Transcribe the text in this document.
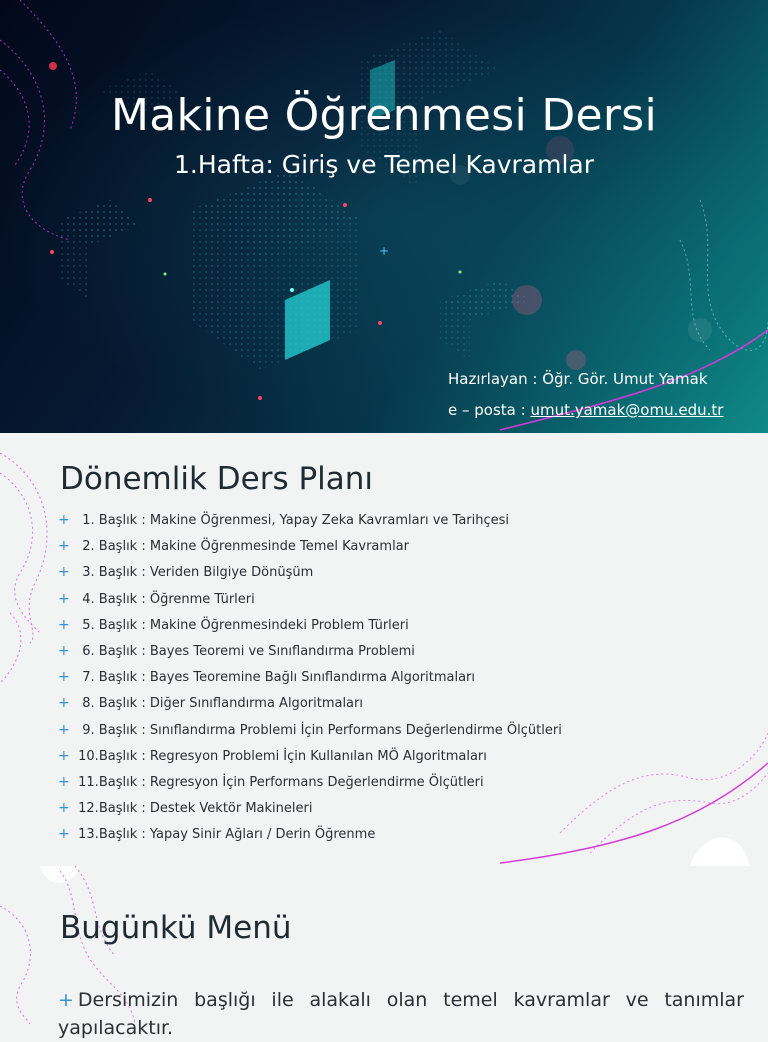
+
Makine Öğrenmesi Dersi

1.Hafta: Giriş ve Temel Kavramlar

Hazırlayan : Öğr. Gör. Umut Yamak
e – posta : umut.yamak@omu.edu.tr
Dönemlik Ders Planı
+ 1. Başlık : Makine Öğrenmesi, Yapay Zeka Kavramları ve Tarihçesi
+ 2. Başlık : Makine Öğrenmesinde Temel Kavramlar
+ 3. Başlık : Veriden Bilgiye Dönüşüm
+ 4. Başlık : Öğrenme Türleri
+ 5. Başlık : Makine Öğrenmesindeki Problem Türleri
+ 6. Başlık : Bayes Teoremi ve Sınıflandırma Problemi
+ 7. Başlık : Bayes Teoremine Bağlı Sınıflandırma Algoritmaları
+ 8. Başlık : Diğer Sınıflandırma Algoritmaları
+ 9. Başlık : Sınıflandırma Problemi İçin Performans Değerlendirme Ölçütleri
+ 10.Başlık : Regresyon Problemi İçin Kullanılan MÖ Algoritmaları
+ 11.Başlık : Regresyon İçin Performans Değerlendirme Ölçütleri
+ 12.Başlık : Destek Vektör Makineleri
+ 13.Başlık : Yapay Sinir Ağları / Derin Öğrenme
Bugünkü Menü
+ Dersimizin başlığı ile alakalı olan temel kavramlar ve tanımlar yapılacaktır.
